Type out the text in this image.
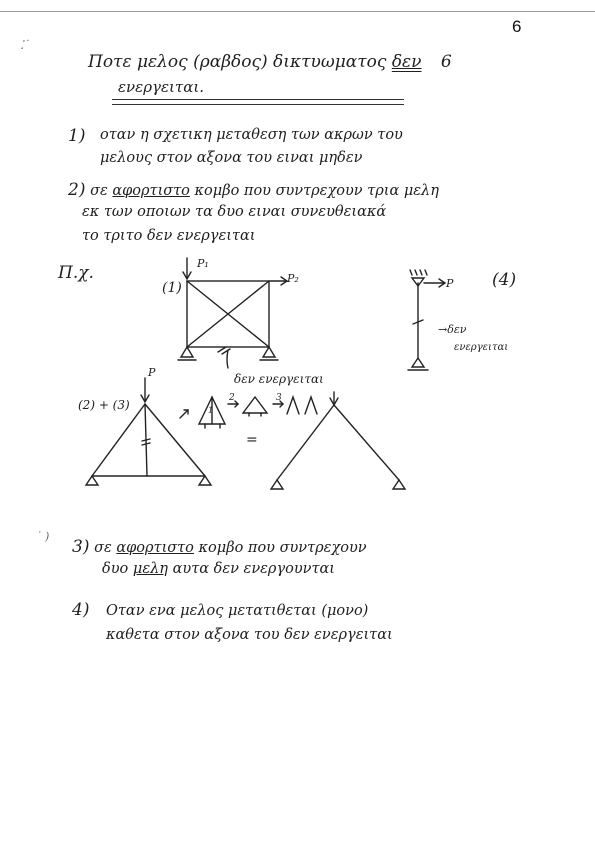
6
⁚˙
Ποτε μελος (ραβδος) δικτυωματος δεν 6
ενεργειται.
1) οταν η σχετικη μεταθεση των ακρων του
μελους στον αξονα του ειναι μηδεν
2) σε αφορτιστο κομβο που συντρεχουν τρια μελη
εκ των οποιων τα δυο ειναι συνευθειακά
το τριτο δεν ενεργειται
Π.χ.
(1)	(4)
(2) + (3)
P₁
P₂	P
P	δεν ενεργειται
→δεν
ενεργειται
1
2	3
=
3) σε αφορτιστο κομβο που συντρεχουν
δυο μελη αυτα δεν ενεργουνται
4) Οταν ενα μελος μετατιθεται (μονο)
καθετα στον αξονα του δεν ενεργειται
˙ )
